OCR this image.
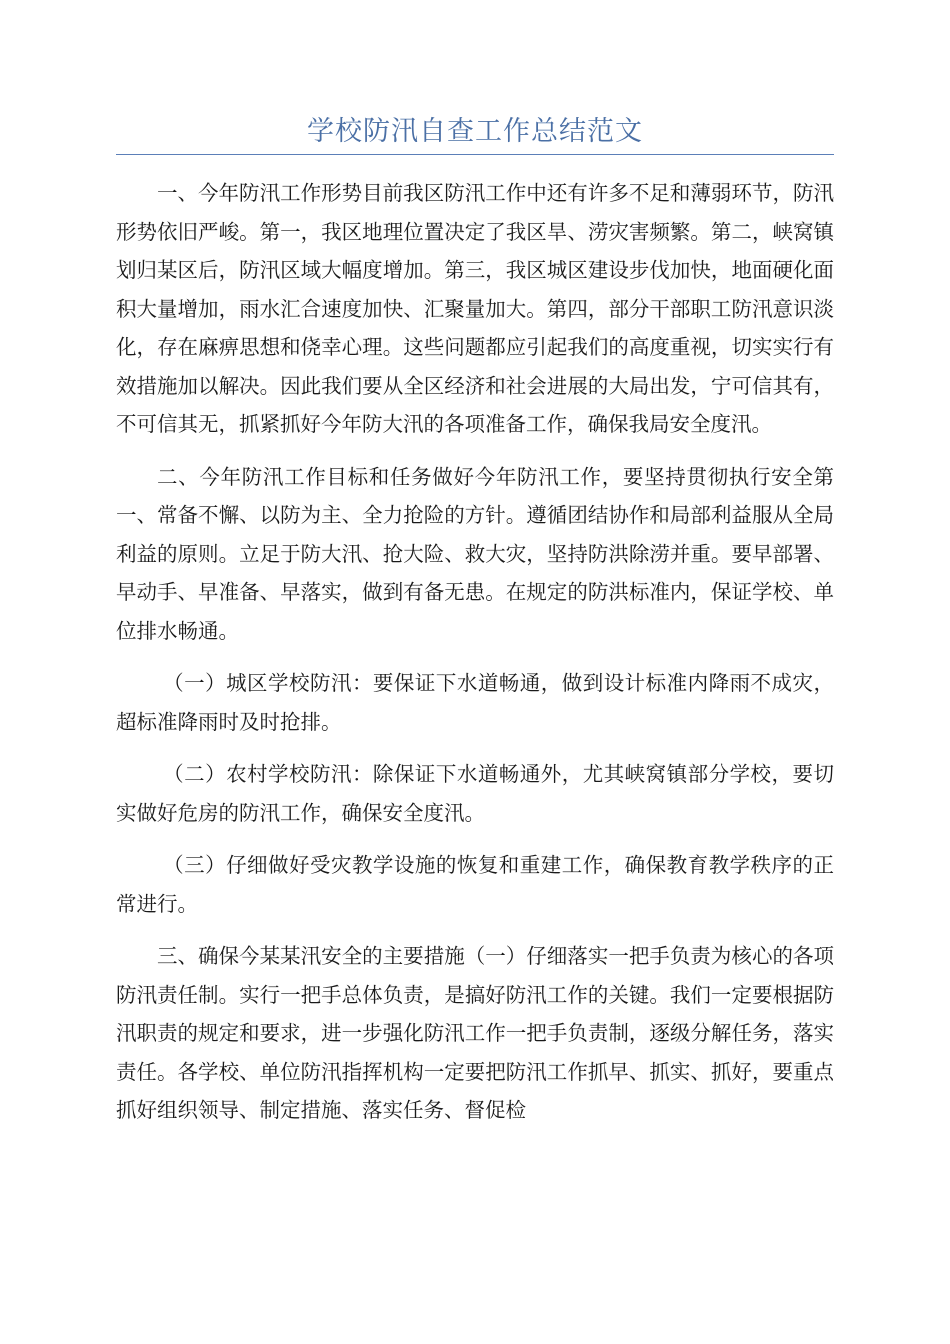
学校防汛自查工作总结范文

一、今年防汛工作形势目前我区防汛工作中还有许多不足和薄弱环节，防汛形势依旧严峻。第一，我区地理位置决定了我区旱、涝灾害频繁。第二，峡窝镇划归某区后，防汛区域大幅度增加。第三，我区城区建设步伐加快，地面硬化面积大量增加，雨水汇合速度加快、汇聚量加大。第四，部分干部职工防汛意识淡化，存在麻痹思想和侥幸心理。这些问题都应引起我们的高度重视，切实实行有效措施加以解决。因此我们要从全区经济和社会进展的大局出发，宁可信其有，不可信其无，抓紧抓好今年防大汛的各项准备工作，确保我局安全度汛。

二、今年防汛工作目标和任务做好今年防汛工作，要坚持贯彻执行安全第一、常备不懈、以防为主、全力抢险的方针。遵循团结协作和局部利益服从全局利益的原则。立足于防大汛、抢大险、救大灾，坚持防洪除涝并重。要早部署、早动手、早准备、早落实，做到有备无患。在规定的防洪标准内，保证学校、单位排水畅通。

（一）城区学校防汛：要保证下水道畅通，做到设计标准内降雨不成灾，超标准降雨时及时抢排。

（二）农村学校防汛：除保证下水道畅通外，尤其峡窝镇部分学校，要切实做好危房的防汛工作，确保安全度汛。

（三）仔细做好受灾教学设施的恢复和重建工作，确保教育教学秩序的正常进行。

三、确保今某某汛安全的主要措施（一）仔细落实一把手负责为核心的各项防汛责任制。实行一把手总体负责，是搞好防汛工作的关键。我们一定要根据防汛职责的规定和要求，进一步强化防汛工作一把手负责制，逐级分解任务，落实责任。各学校、单位防汛指挥机构一定要把防汛工作抓早、抓实、抓好，要重点抓好组织领导、制定措施、落实任务、督促检
